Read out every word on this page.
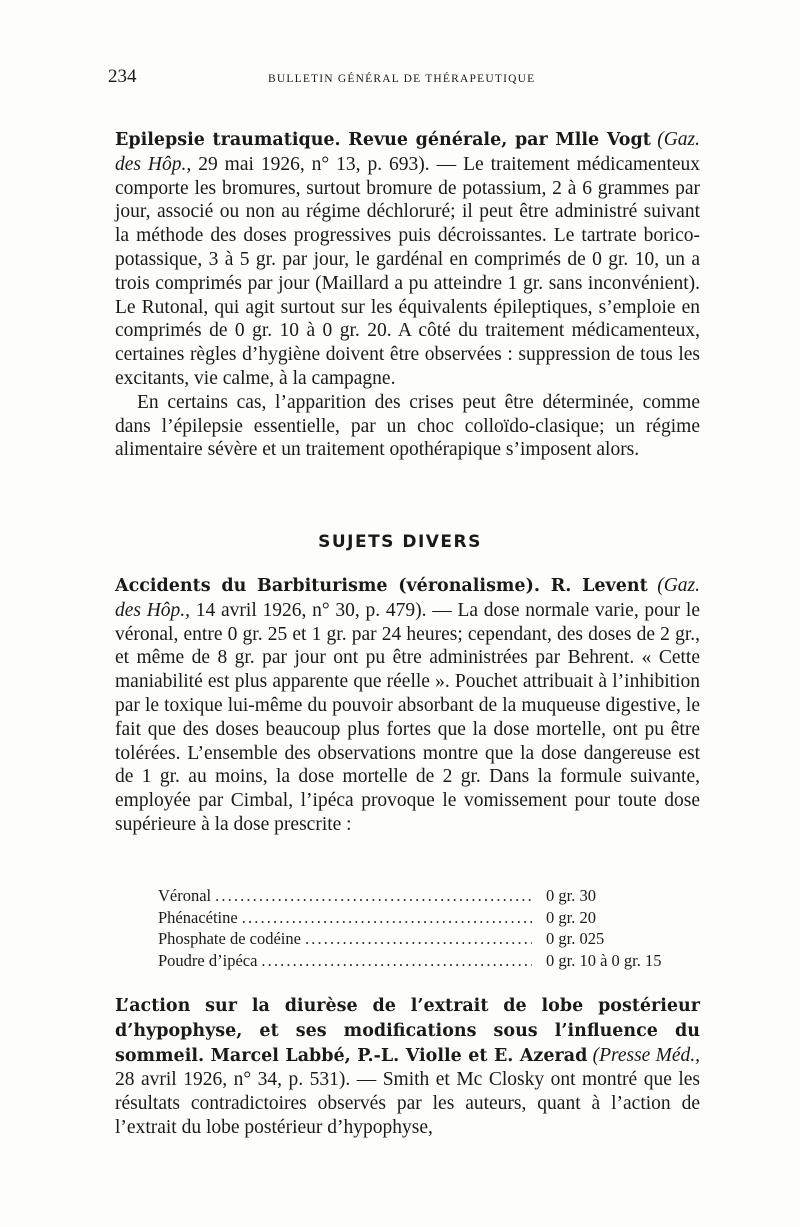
234	BULLETIN GÉNÉRAL DE THÉRAPEUTIQUE

Epilepsie traumatique. Revue générale, par Mlle Vogt (Gaz. des Hôp., 29 mai 1926, n° 13, p. 693). — Le traitement médicamenteux comporte les bromures, surtout bromure de potassium, 2 à 6 grammes par jour, associé ou non au régime déchloruré; il peut être administré suivant la méthode des doses progressives puis décroissantes. Le tartrate borico-potassique, 3 à 5 gr. par jour, le gardénal en comprimés de 0 gr. 10, un a trois comprimés par jour (Maillard a pu atteindre 1 gr. sans inconvénient). Le Rutonal, qui agit surtout sur les équivalents épileptiques, s’emploie en comprimés de 0 gr. 10 à 0 gr. 20. A côté du traitement médicamenteux, certaines règles d’hygiène doivent être observées : suppression de tous les excitants, vie calme, à la campagne.

En certains cas, l’apparition des crises peut être déterminée, comme dans l’épilepsie essentielle, par un choc colloïdo-clasique; un régime alimentaire sévère et un traitement opothérapique s’imposent alors.

SUJETS DIVERS

Accidents du Barbiturisme (véronalisme). R. Levent (Gaz. des Hôp., 14 avril 1926, n° 30, p. 479). — La dose normale varie, pour le véronal, entre 0 gr. 25 et 1 gr. par 24 heures; cependant, des doses de 2 gr., et même de 8 gr. par jour ont pu être administrées par Behrent. « Cette maniabilité est plus apparente que réelle ». Pouchet attribuait à l’inhibition par le toxique lui-même du pouvoir absorbant de la muqueuse digestive, le fait que des doses beaucoup plus fortes que la dose mortelle, ont pu être tolérées. L’ensemble des observations montre que la dose dangereuse est de 1 gr. au moins, la dose mortelle de 2 gr. Dans la formule suivante, employée par Cimbal, l’ipéca provoque le vomissement pour toute dose supérieure à la dose prescrite :

Véronal . . .	0 gr. 30
Phénacétine . . .	0 gr. 20
Phosphate de codéine . . .	0 gr. 025
Poudre d’ipéca . . .	0 gr. 10 à 0 gr. 15

L’action sur la diurèse de l’extrait de lobe postérieur d’hypophyse, et ses modifications sous l’influence du sommeil. Marcel Labbé, P.-L. Violle et E. Azerad (Presse Méd., 28 avril 1926, n° 34, p. 531). — Smith et Mc Closky ont montré que les résultats contradictoires observés par les auteurs, quant à l’action de l’extrait du lobe postérieur d’hypophyse,
